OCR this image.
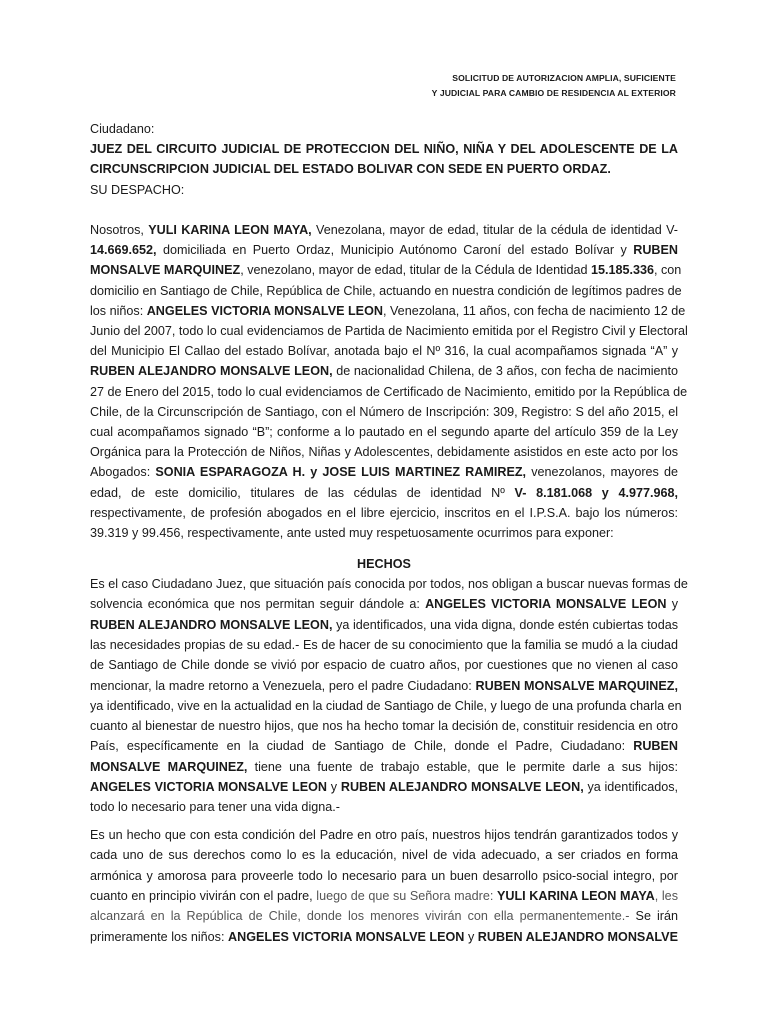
SOLICITUD DE AUTORIZACION AMPLIA, SUFICIENTE
Y JUDICIAL PARA CAMBIO DE RESIDENCIA AL EXTERIOR
Ciudadano:
JUEZ DEL CIRCUITO JUDICIAL DE PROTECCION DEL NIÑO, NIÑA Y DEL ADOLESCENTE DE LA
CIRCUNSCRIPCION JUDICIAL DEL ESTADO BOLIVAR CON SEDE EN PUERTO ORDAZ.
SU DESPACHO:
Nosotros, YULI KARINA LEON MAYA, Venezolana, mayor de edad, titular de la cédula de identidad V-
14.669.652, domiciliada en Puerto Ordaz, Municipio Autónomo Caroní del estado Bolívar y RUBEN
MONSALVE MARQUINEZ, venezolano, mayor de edad, titular de la Cédula de Identidad 15.185.336, con
domicilio en Santiago de Chile, República de Chile, actuando en nuestra condición de legítimos padres de
los niños: ANGELES VICTORIA MONSALVE LEON, Venezolana, 11 años, con fecha de nacimiento 12 de
Junio del 2007, todo lo cual evidenciamos de Partida de Nacimiento emitida por el Registro Civil y Electoral
del Municipio El Callao del estado Bolívar, anotada bajo el Nº 316, la cual acompañamos signada “A” y
RUBEN ALEJANDRO MONSALVE LEON, de nacionalidad Chilena, de 3 años, con fecha de nacimiento
27 de Enero del 2015, todo lo cual evidenciamos de Certificado de Nacimiento, emitido por la República de
Chile, de la Circunscripción de Santiago, con el Número de Inscripción: 309, Registro: S del año 2015, el
cual acompañamos signado “B”; conforme a lo pautado en el segundo aparte del artículo 359 de la Ley
Orgánica para la Protección de Niños, Niñas y Adolescentes, debidamente asistidos en este acto por los
Abogados: SONIA ESPARAGOZA H. y JOSE LUIS MARTINEZ RAMIREZ, venezolanos, mayores de
edad, de este domicilio, titulares de las cédulas de identidad Nº V- 8.181.068 y 4.977.968,
respectivamente, de profesión abogados en el libre ejercicio, inscritos en el I.P.S.A. bajo los números:
39.319 y 99.456, respectivamente, ante usted muy respetuosamente ocurrimos para exponer:
HECHOS
Es el caso Ciudadano Juez, que situación país conocida por todos, nos obligan a buscar nuevas formas de
solvencia económica que nos permitan seguir dándole a: ANGELES VICTORIA MONSALVE LEON y
RUBEN ALEJANDRO MONSALVE LEON, ya identificados, una vida digna, donde estén cubiertas todas
las necesidades propias de su edad.- Es de hacer de su conocimiento que la familia se mudó a la ciudad
de Santiago de Chile donde se vivió por espacio de cuatro años, por cuestiones que no vienen al caso
mencionar, la madre retorno a Venezuela, pero el padre Ciudadano: RUBEN MONSALVE MARQUINEZ,
ya identificado, vive en la actualidad en la ciudad de Santiago de Chile, y luego de una profunda charla en
cuanto al bienestar de nuestro hijos, que nos ha hecho tomar la decisión de, constituir residencia en otro
País, específicamente en la ciudad de Santiago de Chile, donde el Padre, Ciudadano: RUBEN
MONSALVE MARQUINEZ, tiene una fuente de trabajo estable, que le permite darle a sus hijos:
ANGELES VICTORIA MONSALVE LEON y RUBEN ALEJANDRO MONSALVE LEON, ya identificados,
todo lo necesario para tener una vida digna.-
Es un hecho que con esta condición del Padre en otro país, nuestros hijos tendrán garantizados todos y
cada uno de sus derechos como lo es la educación, nivel de vida adecuado, a ser criados en forma
armónica y amorosa para proveerle todo lo necesario para un buen desarrollo psico-social integro, por
cuanto en principio vivirán con el padre, luego de que su Señora madre: YULI KARINA LEON MAYA, les
alcanzará en la República de Chile, donde los menores vivirán con ella permanentemente.- Se irán
primeramente los niños: ANGELES VICTORIA MONSALVE LEON y RUBEN ALEJANDRO MONSALVE
